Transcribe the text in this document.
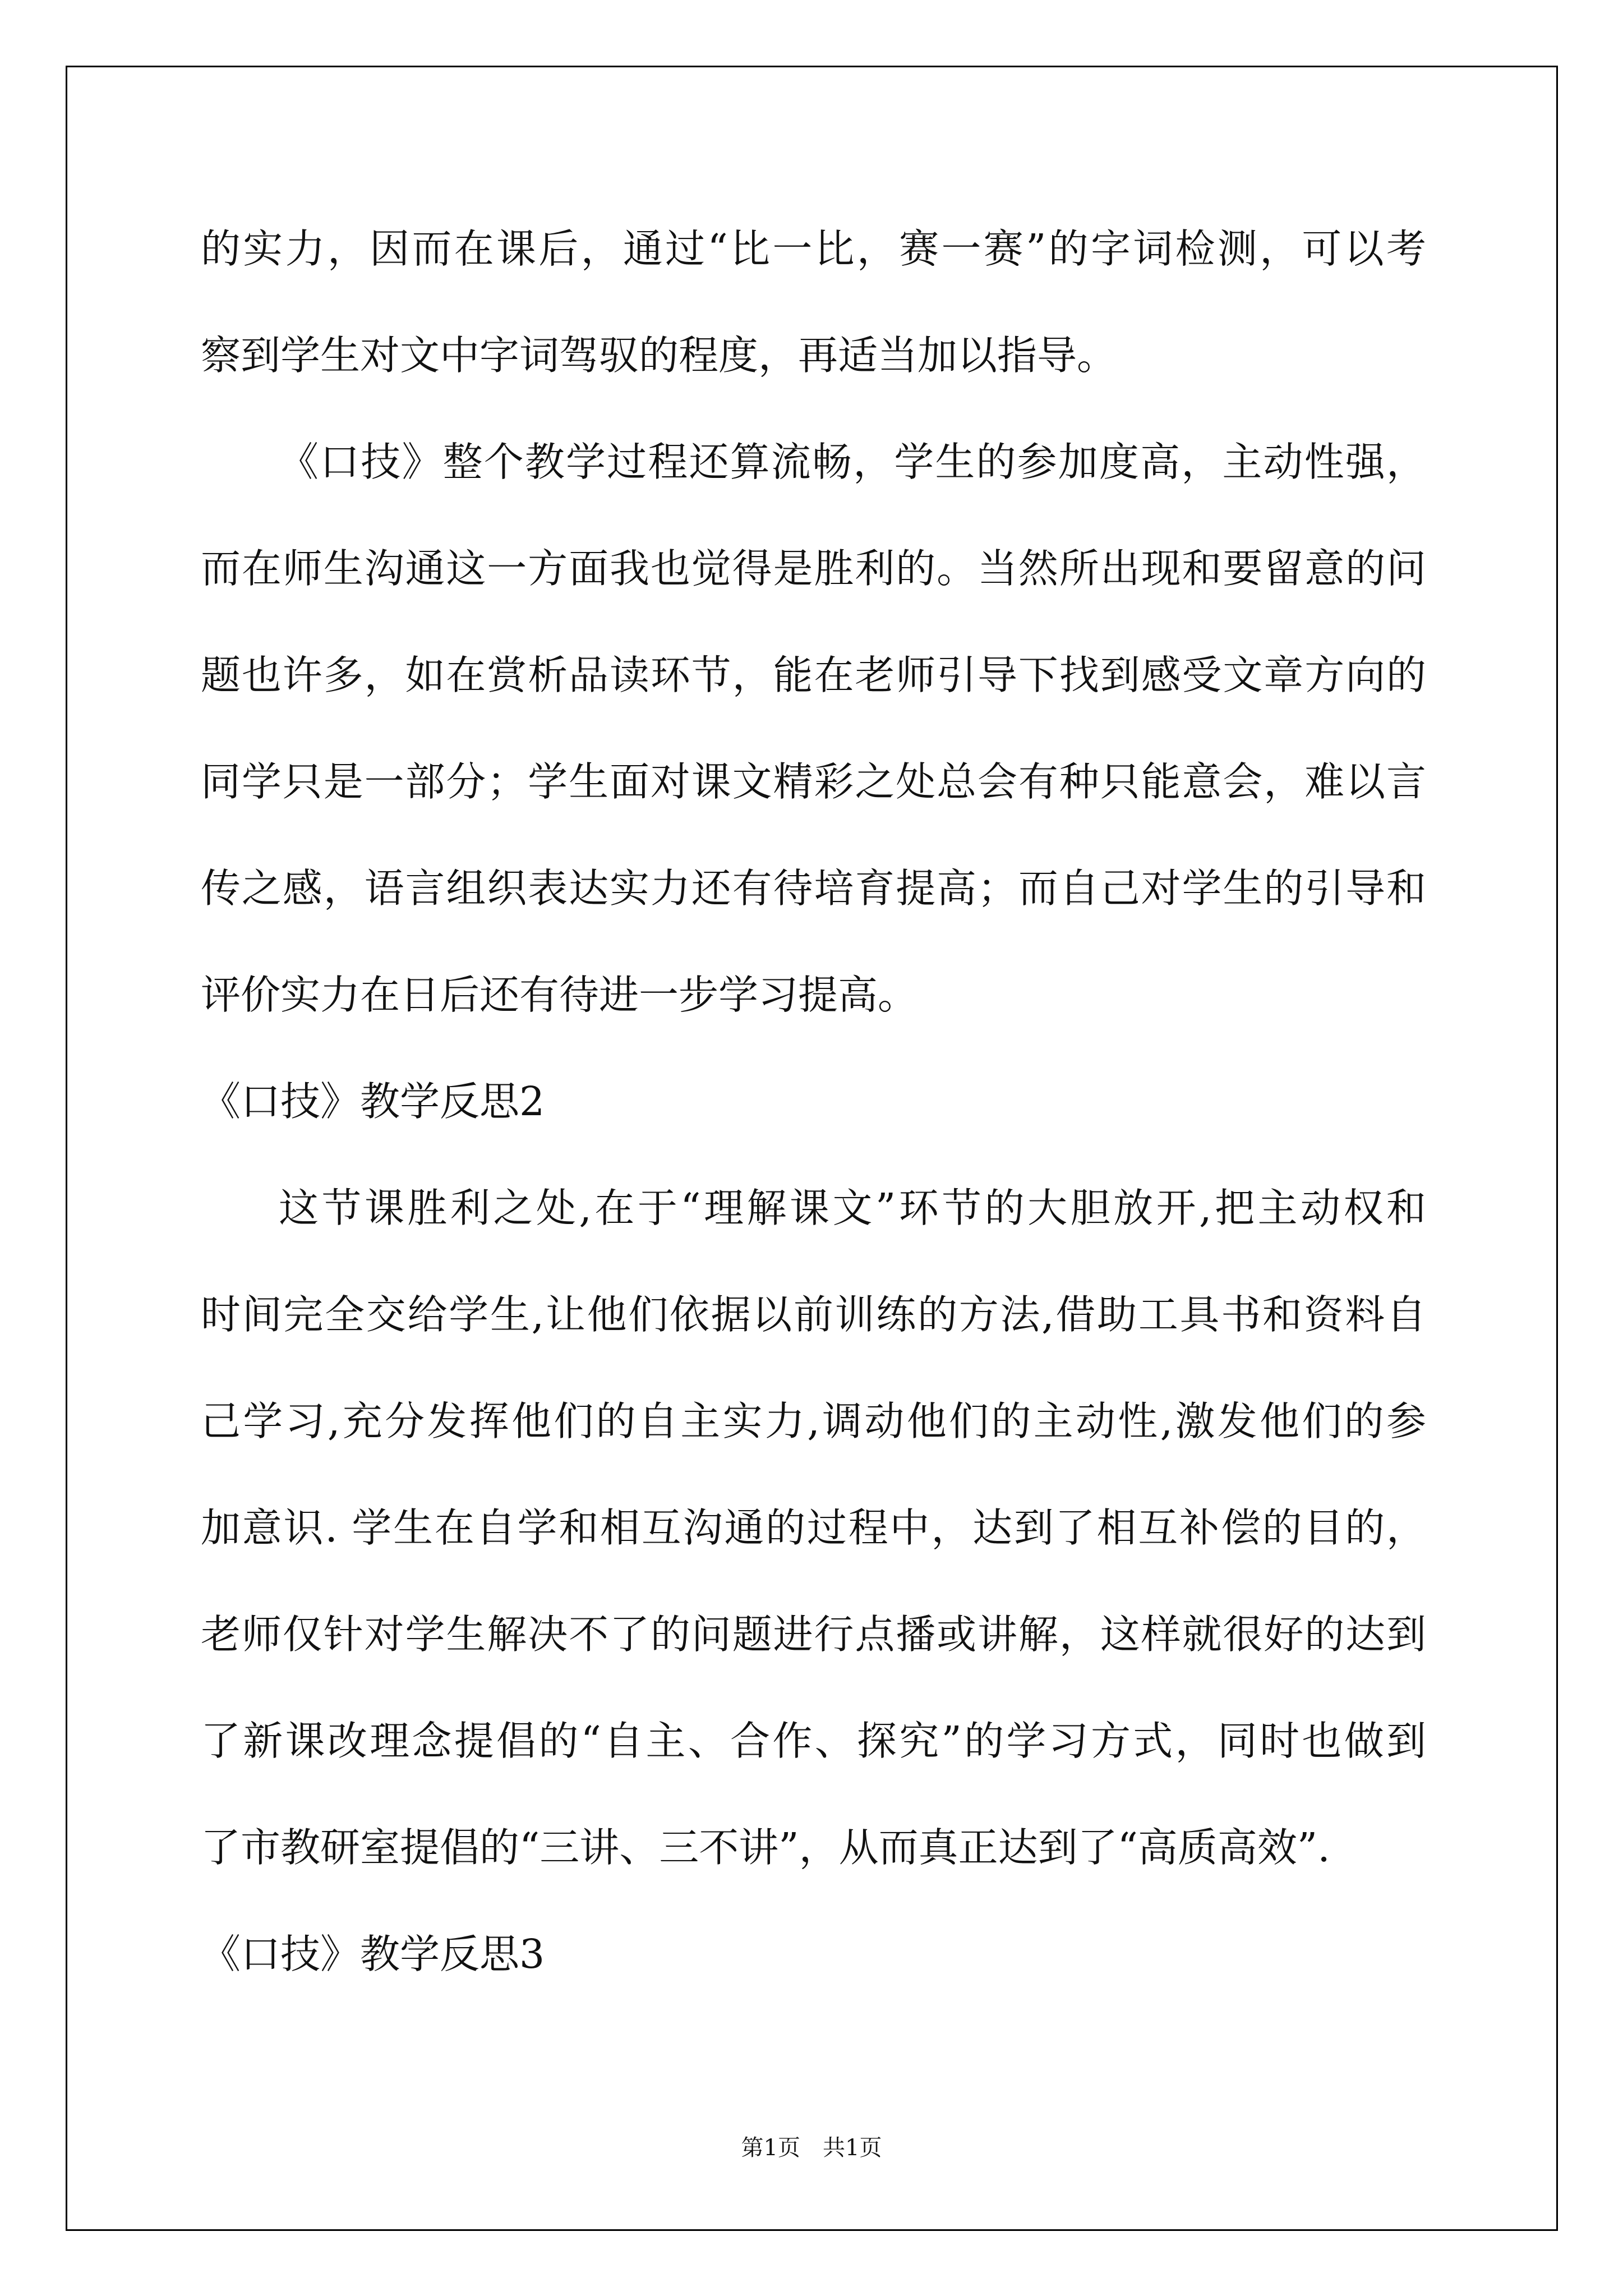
的实力，因而在课后，通过“比一比，赛一赛”的字词检测，可以考
察到学生对文中字词驾驭的程度，再适当加以指导。
《口技》整个教学过程还算流畅，学生的参加度高，主动性强，
而在师生沟通这一方面我也觉得是胜利的。当然所出现和要留意的问
题也许多，如在赏析品读环节，能在老师引导下找到感受文章方向的
同学只是一部分；学生面对课文精彩之处总会有种只能意会，难以言
传之感，语言组织表达实力还有待培育提高；而自己对学生的引导和
评价实力在日后还有待进一步学习提高。
《口技》教学反思2
这节课胜利之处,在于“理解课文”环节的大胆放开,把主动权和
时间完全交给学生,让他们依据以前训练的方法,借助工具书和资料自
己学习,充分发挥他们的自主实力,调动他们的主动性,激发他们的参
加意识. 学生在自学和相互沟通的过程中，达到了相互补偿的目的，
老师仅针对学生解决不了的问题进行点播或讲解，这样就很好的达到
了新课改理念提倡的“自主、合作、探究”的学习方式，同时也做到
了市教研室提倡的“三讲、三不讲”，从而真正达到了“高质高效”.
《口技》教学反思3
第1页　共1页
